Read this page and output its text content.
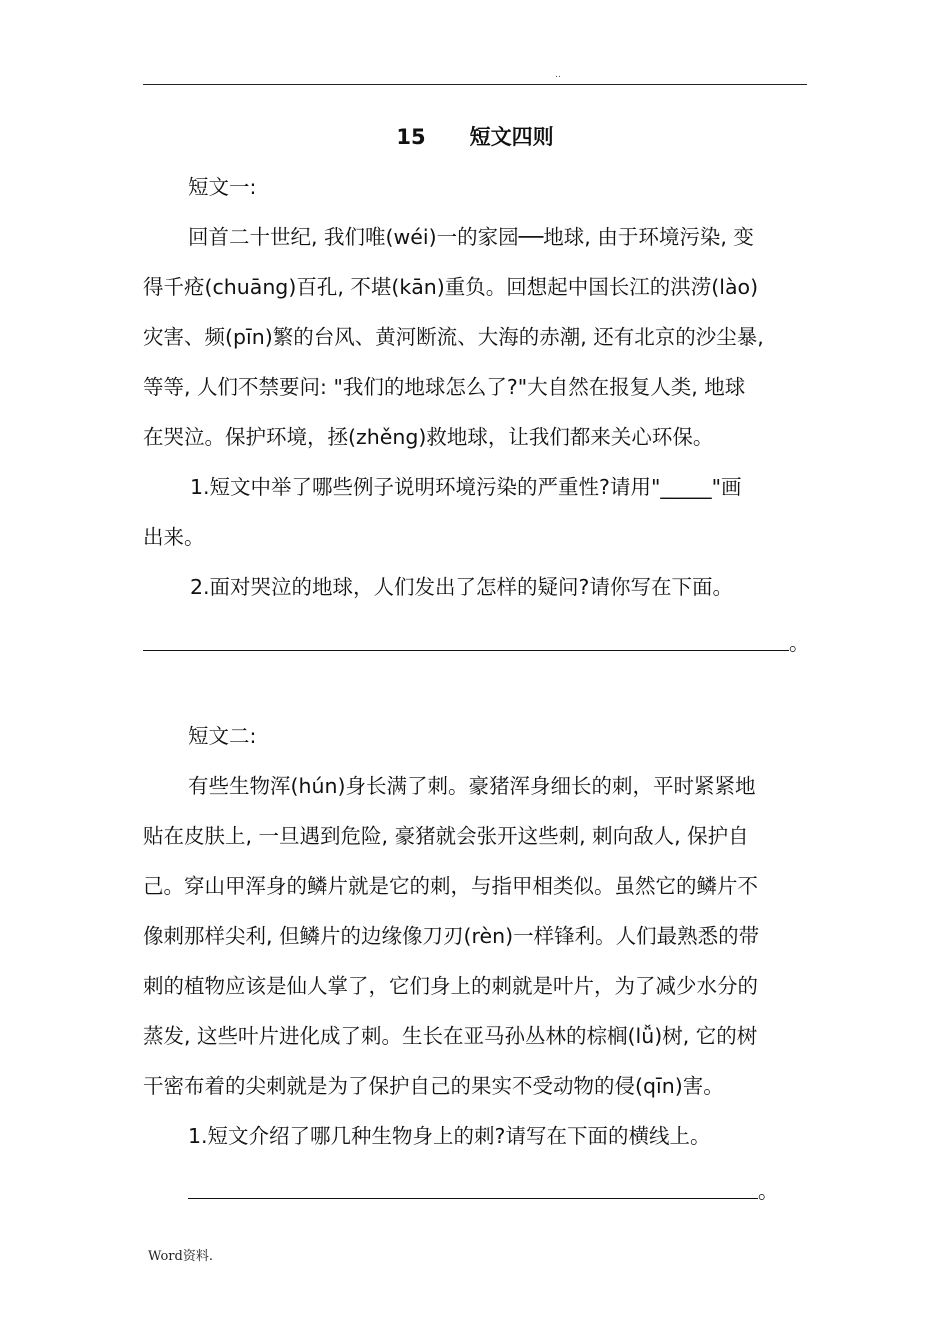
..
15 短文四则
短文一:
回首二十世纪, 我们唯(wéi)一的家园──地球, 由于环境污染, 变
得千疮(chuāng)百孔, 不堪(kān)重负。回想起中国长江的洪涝(lào)
灾害、频(pīn)繁的台风、黄河断流、大海的赤潮, 还有北京的沙尘暴,
等等, 人们不禁要问: "我们的地球怎么了?"大自然在报复人类, 地球
在哭泣。保护环境，拯(zhěng)救地球，让我们都来关心环保。
1.短文中举了哪些例子说明环境污染的严重性?请用"_____"画
出来。
2.面对哭泣的地球，人们发出了怎样的疑问?请你写在下面。
。
短文二:
有些生物浑(hún)身长满了刺。豪猪浑身细长的刺，平时紧紧地
贴在皮肤上, 一旦遇到危险, 豪猪就会张开这些刺, 刺向敌人, 保护自
己。穿山甲浑身的鳞片就是它的刺，与指甲相类似。虽然它的鳞片不
像刺那样尖利, 但鳞片的边缘像刀刃(rèn)一样锋利。人们最熟悉的带
刺的植物应该是仙人掌了，它们身上的刺就是叶片，为了减少水分的
蒸发, 这些叶片进化成了刺。生长在亚马孙丛林的棕榈(lǚ)树, 它的树
干密布着的尖刺就是为了保护自己的果实不受动物的侵(qīn)害。
1.短文介绍了哪几种生物身上的刺?请写在下面的横线上。
。
Word资料.
